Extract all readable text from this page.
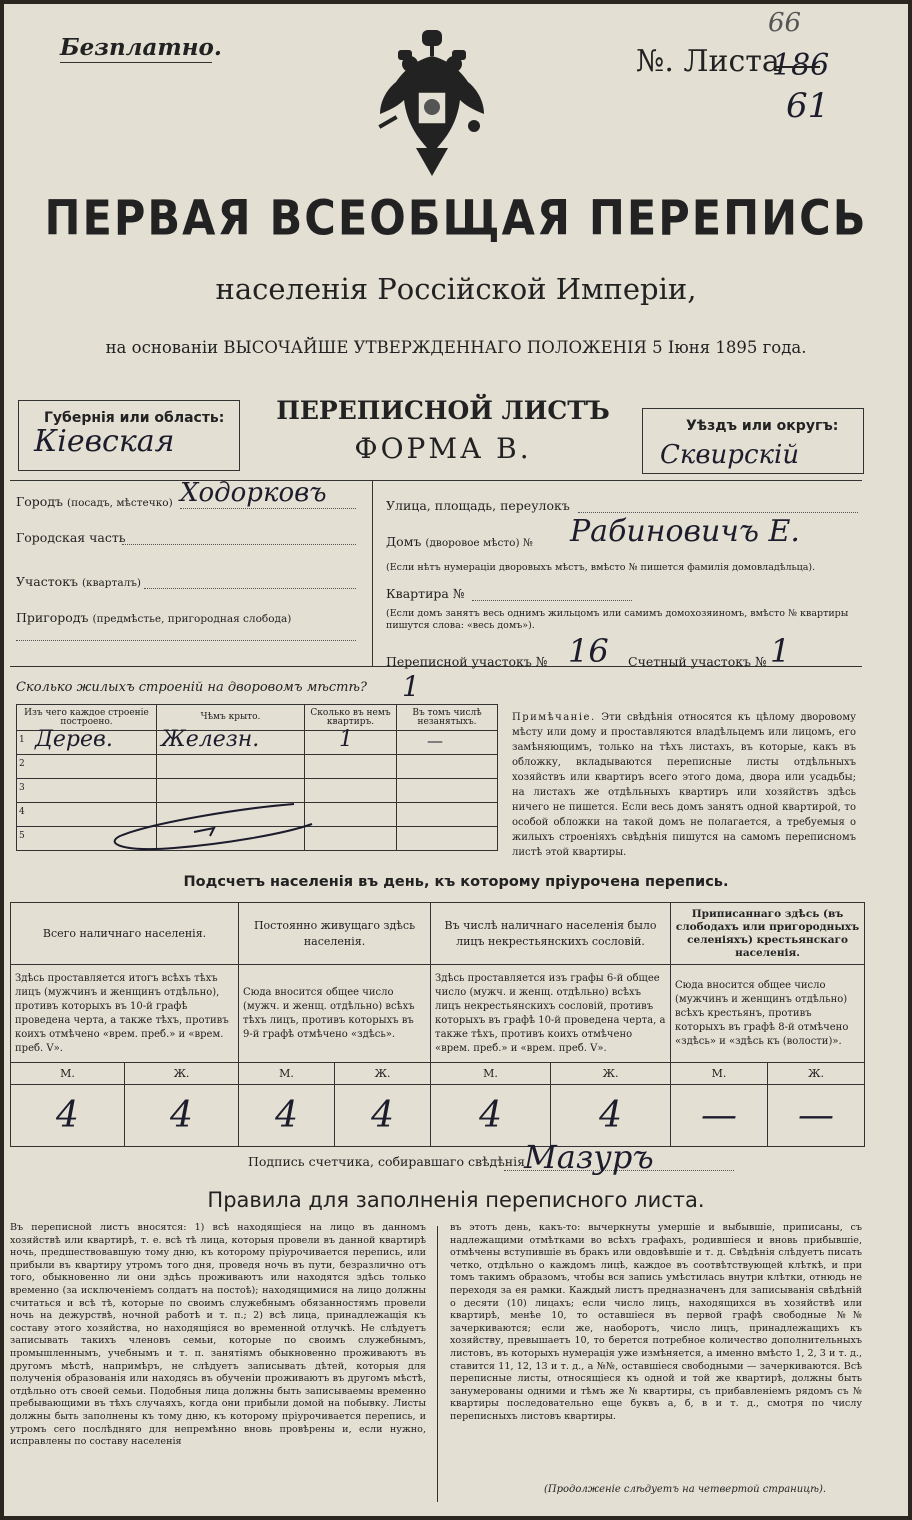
Безплатно.
66
№. Листа
186
61
ПЕРВАЯ ВСЕОБЩАЯ ПЕРЕПИСЬ
населенія Россійской Имперіи,
на основаніи ВЫСОЧАЙШЕ УТВЕРЖДЕННАГО ПОЛОЖЕНІЯ 5 Іюня 1895 года.
Губернія или область:
Кіевская
ПЕРЕПИСНОЙ ЛИСТЪ
ФОРМА В.
Уѣздъ или округъ:
Сквирскій
Городъ (посадъ, мѣстечко) Ходорковъ
Городская часть
Участокъ (кварталъ)
Пригородъ (предмѣстье, пригородная слобода)
Улица, площадь, переулокъ
Домъ (дворовое мѣсто) № Рабиновичъ Е.
(Если нѣтъ нумераціи дворовыхъ мѣстъ, вмѣсто № пишется фамилія домовладѣльца).
Квартира №
(Если домъ занятъ весь однимъ жильцомъ или самимъ домохозяиномъ, вмѣсто № квартиры пишутся слова: «весь домъ»).
Переписной участокъ № 16 Счетный участокъ № 1
Сколько жилыхъ строеній на дворовомъ мѣстѣ? 1
Изъ чего каждое строеніе построено.	Чѣмъ крыто.	Сколько въ немъ квартиръ.	Въ томъ числѣ незанятыхъ.

1 Дерев.	Железн.	1	—

2			

3			

4			

5			

Примѣчаніе. Эти свѣдѣнія относятся къ цѣлому дворовому мѣсту или дому и проставляются владѣльцемъ или лицомъ, его замѣняющимъ, только на тѣхъ листахъ, въ которые, какъ въ обложку, вкладываются переписные листы отдѣльныхъ хозяйствъ или квартиръ всего этого дома, двора или усадьбы; на листахъ же отдѣльныхъ квартиръ или хозяйствъ здѣсь ничего не пишется. Если весь домъ занятъ одной квартирой, то особой обложки на такой домъ не полагается, а требуемыя о жилыхъ строеніяхъ свѣдѣнія пишутся на самомъ переписномъ листѣ этой квартиры.
Подсчетъ населенія въ день, къ которому пріурочена перепись.
Всего наличнаго населенія.		Постоянно живущаго здѣсь населенія.		Въ числѣ наличнаго населенія было лицъ некрестьянскихъ сословій.		Приписаннаго здѣсь (въ слободахъ или пригородныхъ селеніяхъ) крестьянскаго населенія.	
Здѣсь проставляется итогъ всѣхъ тѣхъ лицъ (мужчинъ и женщинъ отдѣльно), противъ которыхъ въ 10-й графѣ проведена черта, а также тѣхъ, противъ коихъ отмѣчено «врем. преб.» и «врем. преб. V».		Сюда вносится общее число (мужч. и женщ. отдѣльно) всѣхъ тѣхъ лицъ, противъ которыхъ въ 9-й графѣ отмѣчено «здѣсь».		Здѣсь проставляется изъ графы 6-й общее число (мужч. и женщ. отдѣльно) всѣхъ лицъ некрестьянскихъ сословій, противъ которыхъ въ графѣ 10-й проведена черта, а также тѣхъ, противъ коихъ отмѣчено «врем. преб.» и «врем. преб. V».		Сюда вносится общее число (мужчинъ и женщинъ отдѣльно) всѣхъ крестьянъ, противъ которыхъ въ графѣ 8-й отмѣчено «здѣсь» и «здѣсь къ (волости)».	
М.	Ж.	М.	Ж.	М.	Ж.	М.	Ж.
4	4	4	4	4	4	—	—
Подпись счетчика, собиравшаго свѣдѣнія Мазуръ
Правила для заполненія переписного листа.
Въ переписной листъ вносятся: 1) всѣ находящіеся на лицо въ данномъ хозяйствѣ или квартирѣ, т. е. всѣ тѣ лица, которыя провели въ данной квартирѣ ночь, предшествовавшую тому дню, къ которому пріурочивается перепись, или прибыли въ квартиру утромъ того дня, проведя ночь въ пути, безразлично отъ того, обыкновенно ли они здѣсь проживаютъ или находятся здѣсь только временно (за исключеніемъ солдатъ на постоѣ); находящимися на лицо должны считаться и всѣ тѣ, которые по своимъ служебнымъ обязанностямъ провели ночь на дежурствѣ, ночной работѣ и т. п.; 2) всѣ лица, принадлежащія къ составу этого хозяйства, но находящіяся во временной отлучкѣ. Не слѣдуетъ записывать такихъ членовъ семьи, которые по своимъ служебнымъ, промышленнымъ, учебнымъ и т. п. занятіямъ обыкновенно проживаютъ въ другомъ мѣстѣ, напримѣръ, не слѣдуетъ записывать дѣтей, которыя для полученія образованія или находясь въ обученіи проживаютъ въ другомъ мѣстѣ, отдѣльно отъ своей семьи. Подобныя лица должны быть записываемы временно пребывающими въ тѣхъ случаяхъ, когда они прибыли домой на побывку. Листы должны быть заполнены къ тому дню, къ которому пріурочивается перепись, и утромъ сего послѣдняго для непремѣнно вновь провѣрены и, если нужно, исправлены по составу населенія
въ этотъ день, какъ-то: вычеркнуты умершіе и выбывшіе, приписаны, съ надлежащими отмѣтками во всѣхъ графахъ, родившіеся и вновь прибывшіе, отмѣчены вступившіе въ бракъ или овдовѣвшіе и т. д. Свѣдѣнія слѣдуетъ писать четко, отдѣльно о каждомъ лицѣ, каждое въ соотвѣтствующей клѣткѣ, и при томъ такимъ образомъ, чтобы вся запись умѣстилась внутри клѣтки, отнюдь не переходя за ея рамки. Каждый листъ предназначенъ для записыванія свѣдѣній о десяти (10) лицахъ; если число лицъ, находящихся въ хозяйствѣ или квартирѣ, менѣе 10, то оставшіеся въ первой графѣ свободные №№ зачеркиваются; если же, наоборотъ, число лицъ, принадлежащихъ къ хозяйству, превышаетъ 10, то берется потребное количество дополнительныхъ листовъ, въ которыхъ нумерація уже измѣняется, а именно вмѣсто 1, 2, 3 и т. д., ставится 11, 12, 13 и т. д., а №№, оставшіеся свободными — зачеркиваются. Всѣ переписные листы, относящіеся къ одной и той же квартирѣ, должны быть занумерованы одними и тѣмъ же № квартиры, съ прибавленіемъ рядомъ съ № квартиры последовательно еще буквъ а, б, в и т. д., смотря по числу переписныхъ листовъ квартиры.
(Продолженіе слѣдуетъ на четвертой страницѣ).
